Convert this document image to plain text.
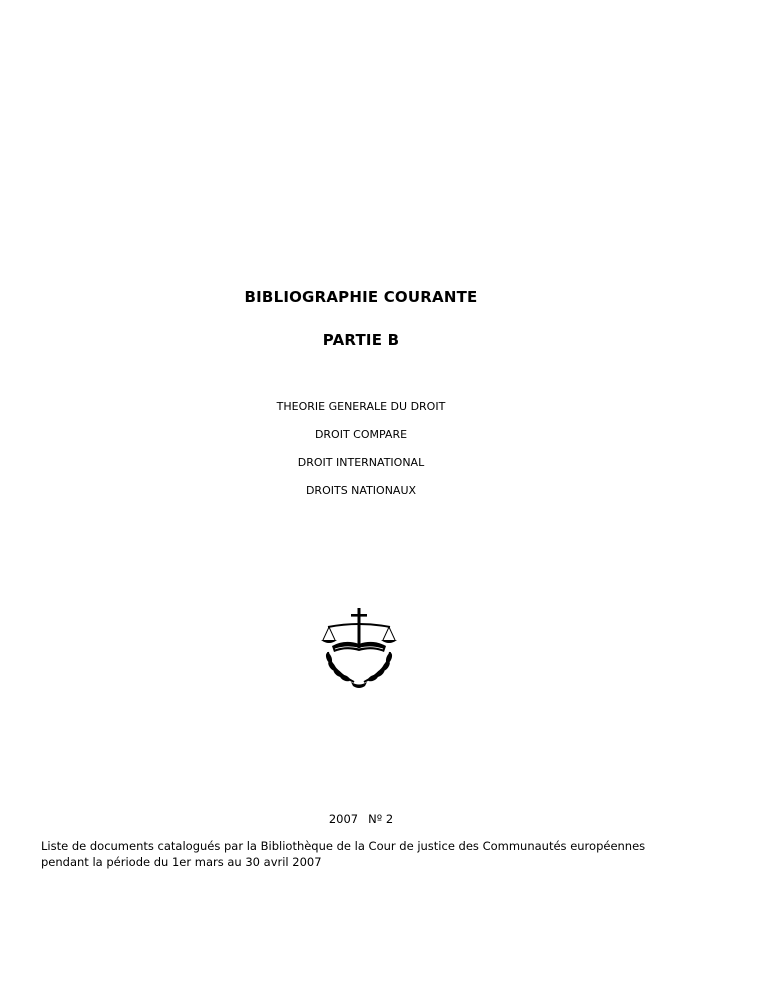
BIBLIOGRAPHIE COURANTE
PARTIE B
THEORIE GENERALE DU DROIT
DROIT COMPARE
DROIT INTERNATIONAL
DROITS NATIONAUX
2007 Nº 2
Liste de documents catalogués par la Bibliothèque de la Cour de justice des Communautés européennes
pendant la période du 1er mars au 30 avril 2007
